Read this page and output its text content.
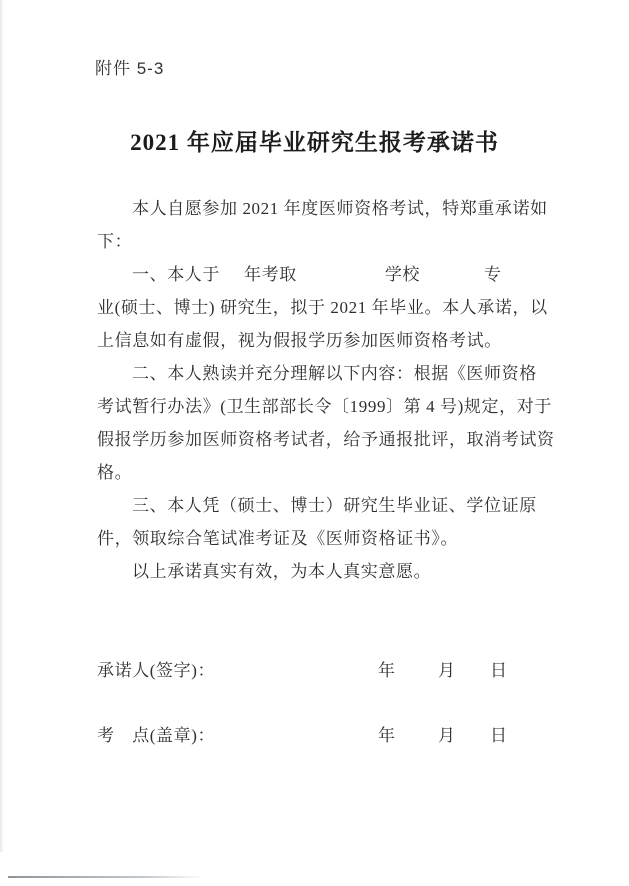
附件 5-3
2021 年应届毕业研究生报考承诺书
本人自愿参加 2021 年度医师资格考试，特郑重承诺如
下：
一、本人于 年考取	学校	专
业(硕士、博士) 研究生，拟于 2021 年毕业。本人承诺，以
上信息如有虚假，视为假报学历参加医师资格考试。
二、本人熟读并充分理解以下内容：根据《医师资格
考试暂行办法》(卫生部部长令〔1999〕第 4 号)规定，对于
假报学历参加医师资格考试者，给予通报批评，取消考试资
格。
三、本人凭（硕士、博士）研究生毕业证、学位证原
件，领取综合笔试准考证及《医师资格证书》。
以上承诺真实有效，为本人真实意愿。
承诺人(签字)：	年 月 日
考　点(盖章)：	年 月 日
